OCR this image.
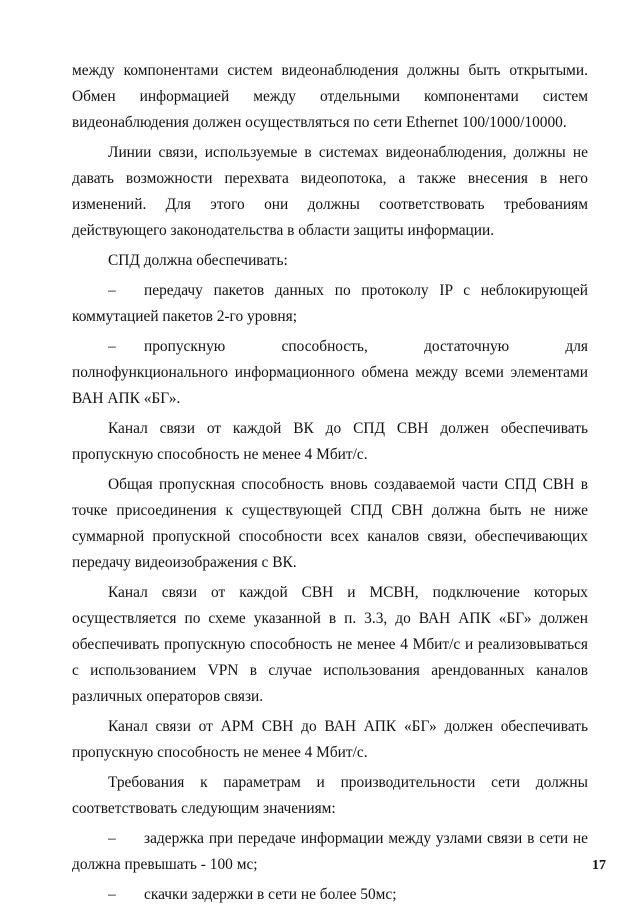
между компонентами систем видеонаблюдения должны быть открытыми. Обмен информацией между отдельными компонентами систем видеонаблюдения должен осуществляться по сети Ethernet 100/1000/10000.

Линии связи, используемые в системах видеонаблюдения, должны не давать возможности перехвата видеопотока, а также внесения в него изменений. Для этого они должны соответствовать требованиям действующего законодательства в области защиты информации.

СПД должна обеспечивать:

– передачу пакетов данных по протоколу IP с неблокирующей коммутацией пакетов 2-го уровня;

– пропускную способность, достаточную для полнофункционального информационного обмена между всеми элементами ВАН АПК «БГ».

Канал связи от каждой ВК до СПД СВН должен обеспечивать пропускную способность не менее 4 Мбит/с.

Общая пропускная способность вновь создаваемой части СПД СВН в точке присоединения к существующей СПД СВН должна быть не ниже суммарной пропускной способности всех каналов связи, обеспечивающих передачу видеоизображения с ВК.

Канал связи от каждой СВН и МСВН, подключение которых осуществляется по схеме указанной в п. 3.3, до ВАН АПК «БГ» должен обеспечивать пропускную способность не менее 4 Мбит/с и реализовываться с использованием VPN в случае использования арендованных каналов различных операторов связи.

Канал связи от АРМ СВН до ВАН АПК «БГ» должен обеспечивать пропускную способность не менее 4 Мбит/с.

Требования к параметрам и производительности сети должны соответствовать следующим значениям:

– задержка при передаче информации между узлами связи в сети не должна превышать - 100 мс;

– скачки задержки в сети не более 50мс;

17
